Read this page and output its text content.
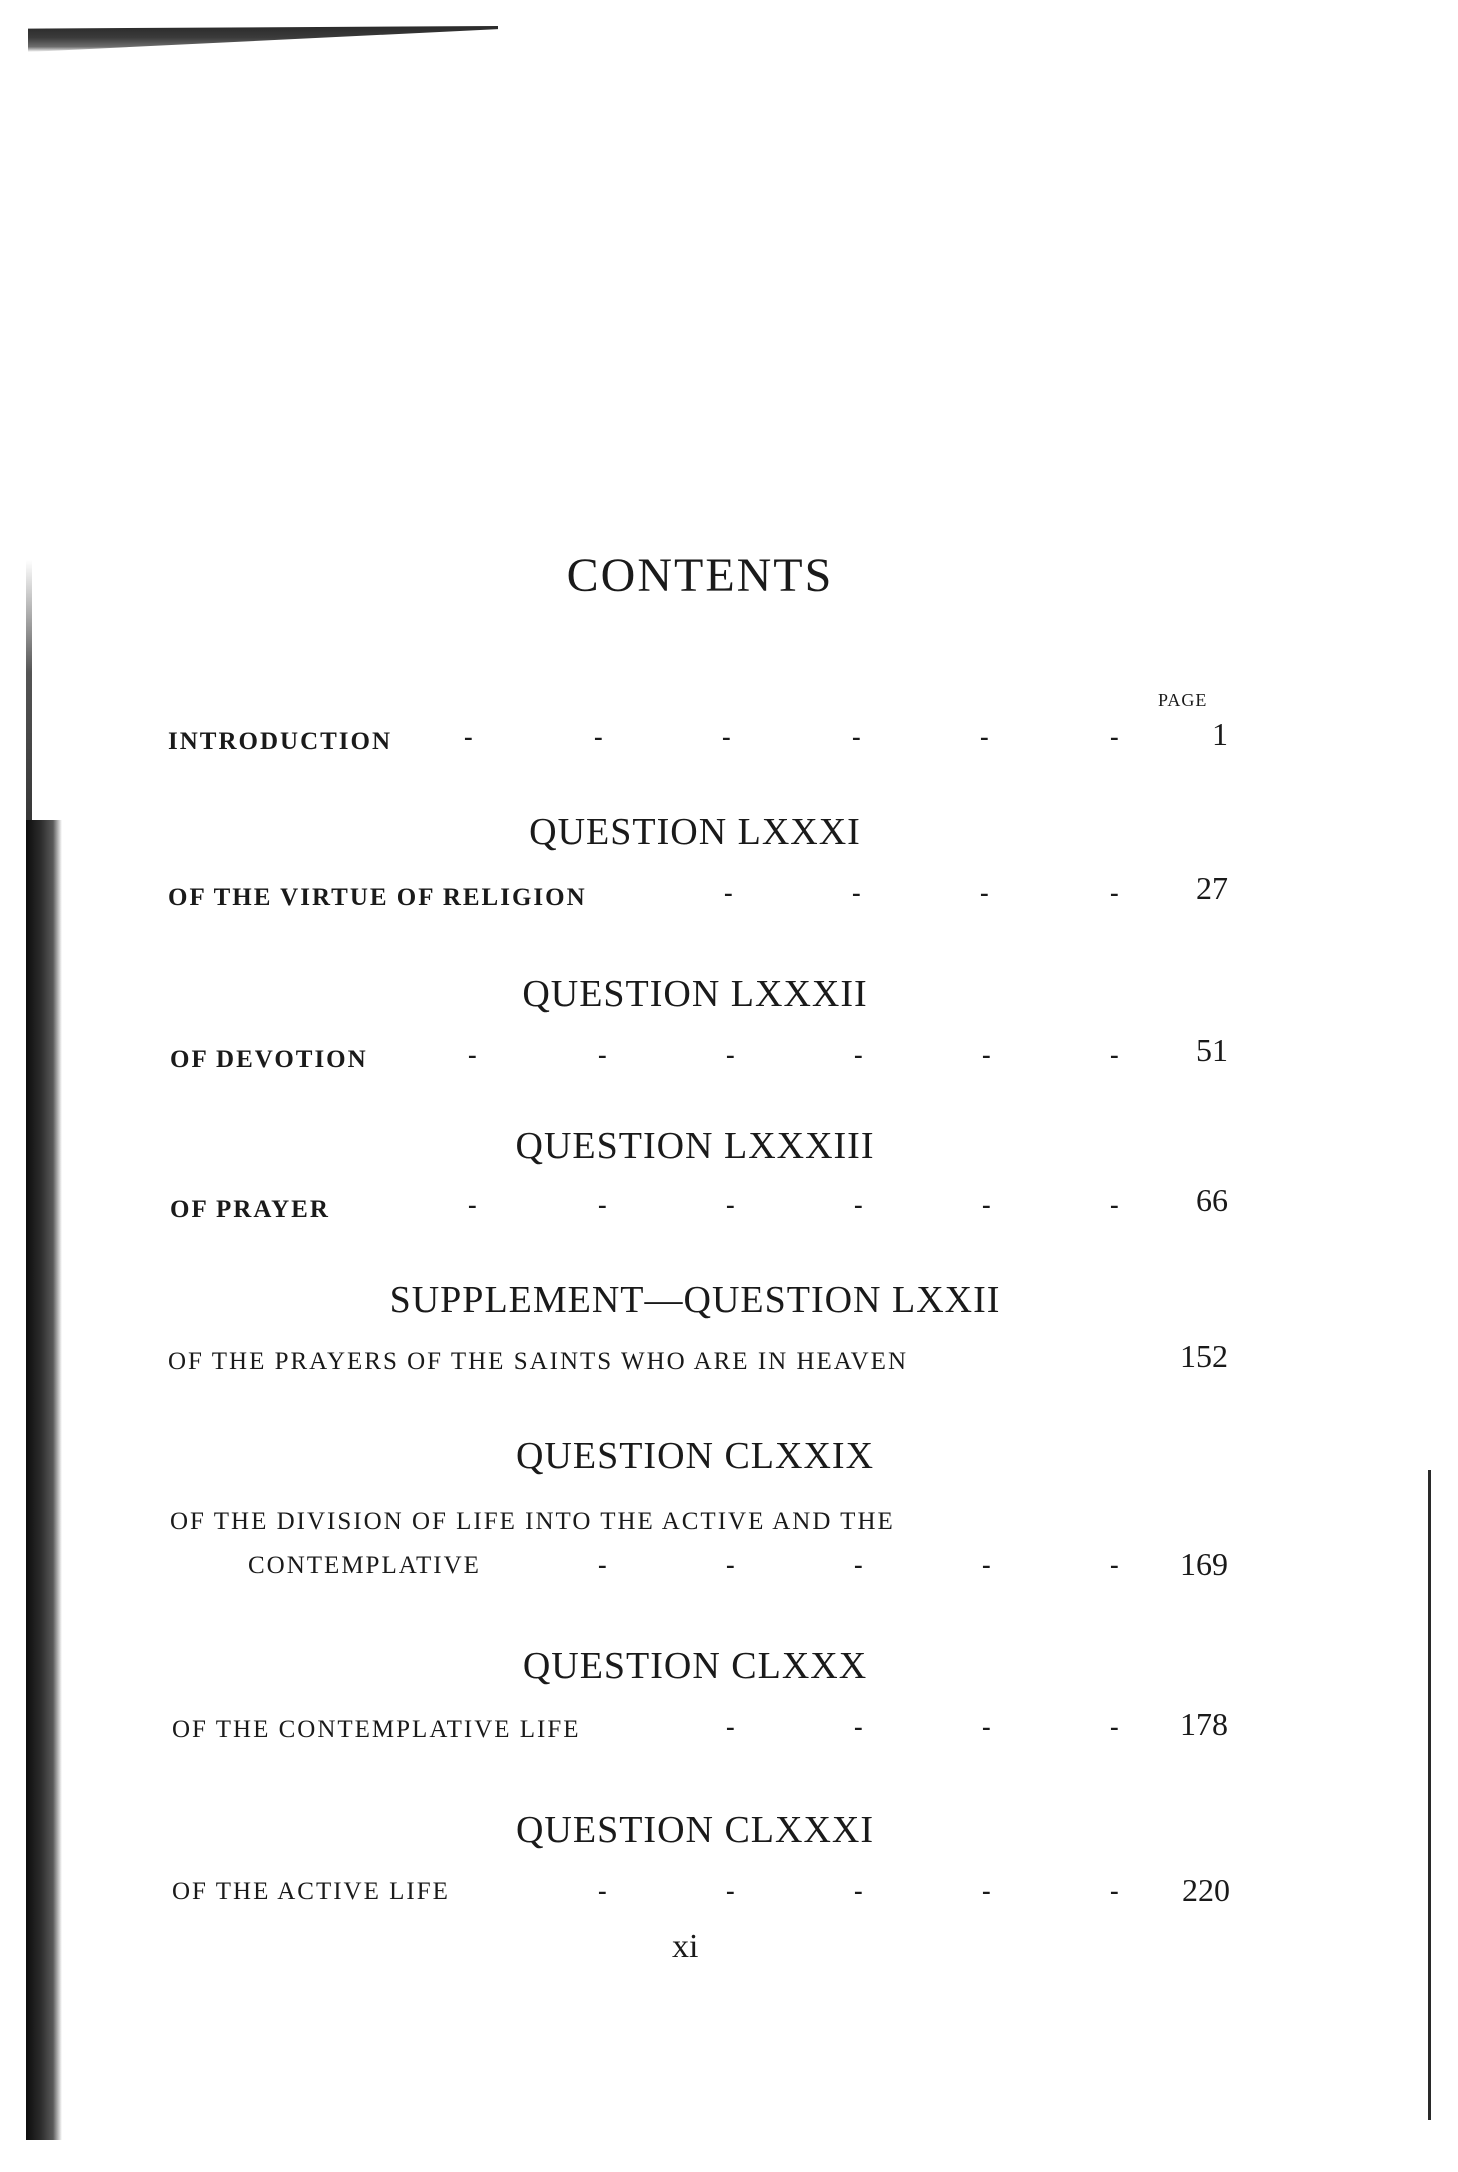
CONTENTS
PAGE
INTRODUCTION	-	-	-	-	-	-	1
QUESTION LXXXI
OF THE VIRTUE OF RELIGION	-	-	-	-	27
QUESTION LXXXII
OF DEVOTION	-	-	-	-	-	-	51
QUESTION LXXXIII
OF PRAYER	-	-	-	-	-	-	66
SUPPLEMENT—QUESTION LXXII
OF THE PRAYERS OF THE SAINTS WHO ARE IN HEAVEN	152
QUESTION CLXXIX
OF THE DIVISION OF LIFE INTO THE ACTIVE AND THE
CONTEMPLATIVE	-	-	-	-	-	169
QUESTION CLXXX
OF THE CONTEMPLATIVE LIFE	-	-	-	-	178
QUESTION CLXXXI
OF THE ACTIVE LIFE	-	-	-	-	-	220
xi
